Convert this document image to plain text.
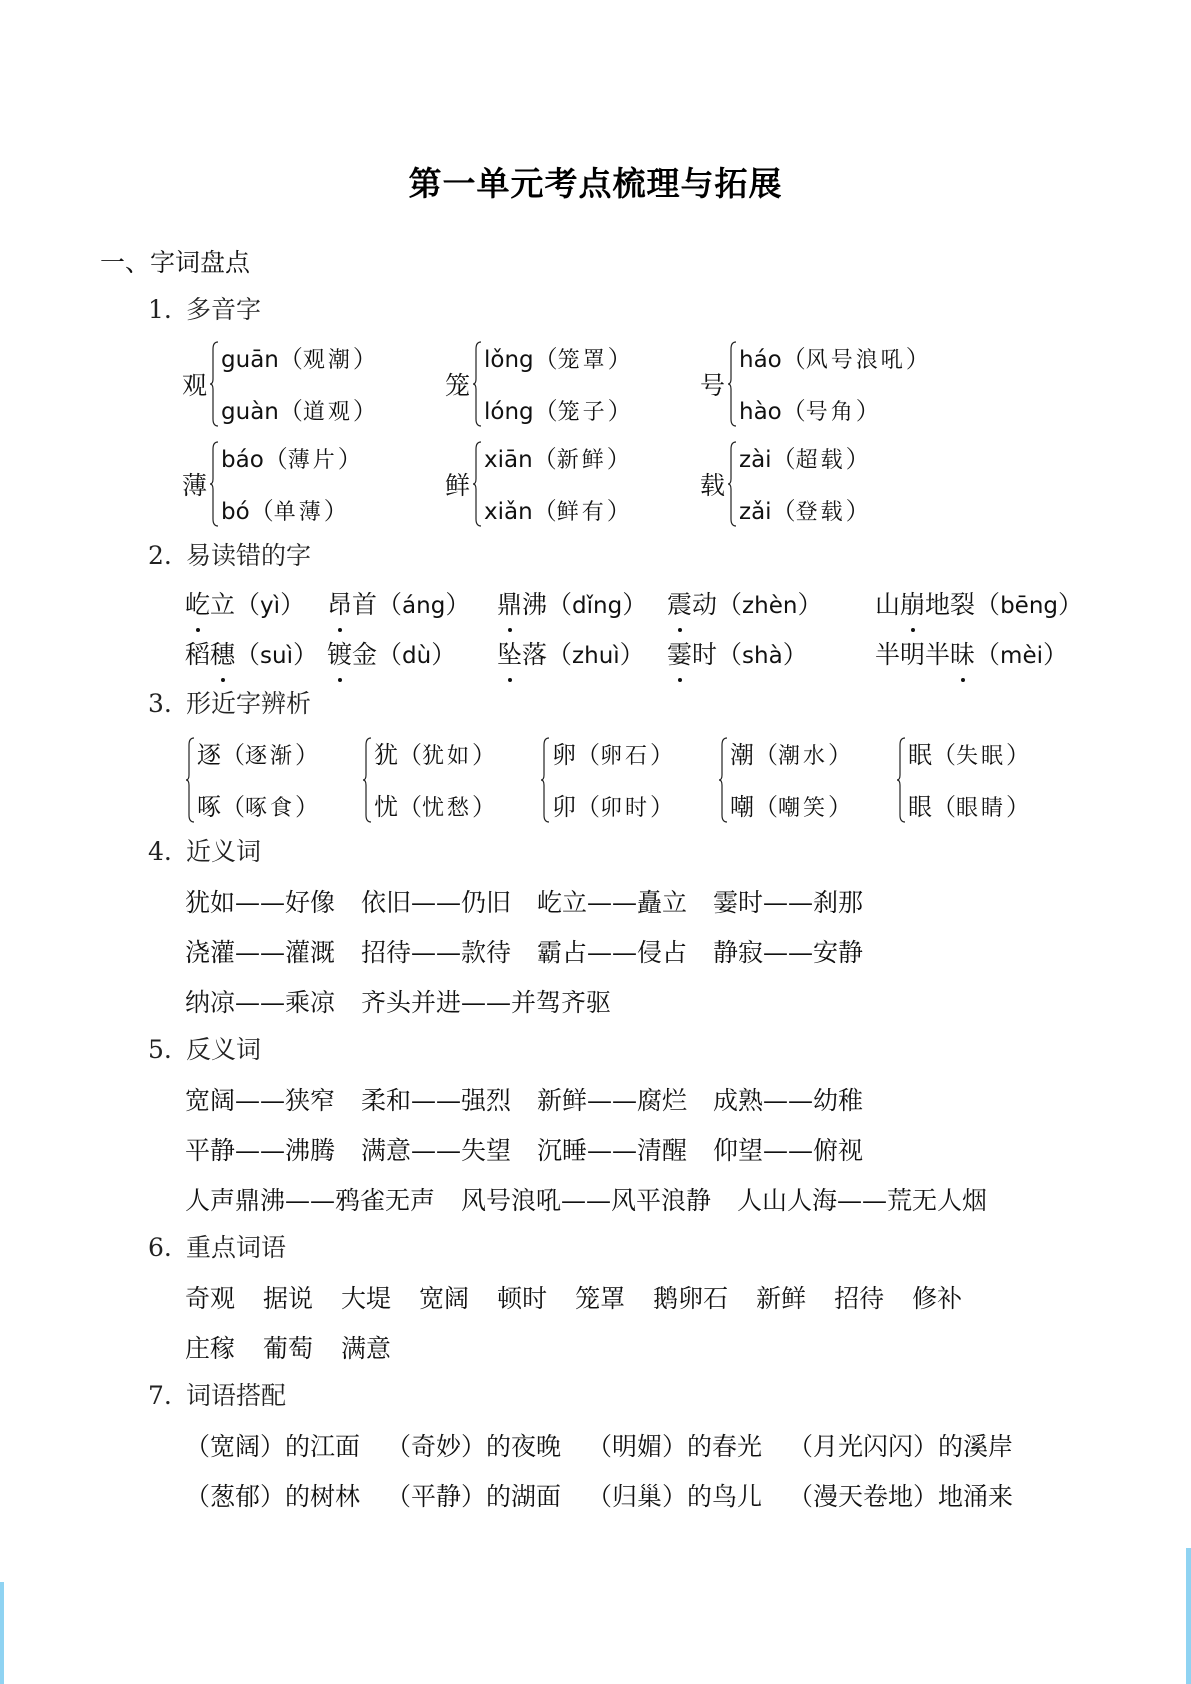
第一单元考点梳理与拓展
一、字词盘点
1. 多音字
观
guān（观潮）
guàn（道观）
笼
lǒng（笼罩）
lóng（笼子）
号
háo（风号浪吼）
hào（号角）
薄
báo（薄片）
bó（单薄）
鲜
xiān（新鲜）
xiǎn（鲜有）
载
zài（超载）
zǎi（登载）
2. 易读错的字
屹立（yì） 昂首（áng） 鼎沸（dǐng） 震动（zhèn） 山崩地裂（bēng）
稻穗（suì） 镀金（dù） 坠落（zhuì） 霎时（shà）	半明半昧（mèi）
3. 形近字辨析
逐（逐渐）
啄（啄食）
犹（犹如）
忧（忧愁）
卵（卵石）
卯（卯时）
潮（潮水）
嘲（嘲笑）
眠（失眠）
眼（眼睛）
4. 近义词
犹如——好像 依旧——仍旧 屹立——矗立 霎时——刹那
浇灌——灌溉 招待——款待 霸占——侵占 静寂——安静
纳凉——乘凉 齐头并进——并驾齐驱
5. 反义词
宽阔——狭窄 柔和——强烈 新鲜——腐烂 成熟——幼稚
平静——沸腾 满意——失望 沉睡——清醒 仰望——俯视
人声鼎沸——鸦雀无声 风号浪吼——风平浪静 人山人海——荒无人烟
6. 重点词语
奇观 据说 大堤 宽阔 顿时 笼罩 鹅卵石 新鲜 招待 修补
庄稼 葡萄 满意
7. 词语搭配
（宽阔）的江面 （奇妙）的夜晚 （明媚）的春光 （月光闪闪）的溪岸
（葱郁）的树林 （平静）的湖面 （归巢）的鸟儿 （漫天卷地）地涌来
